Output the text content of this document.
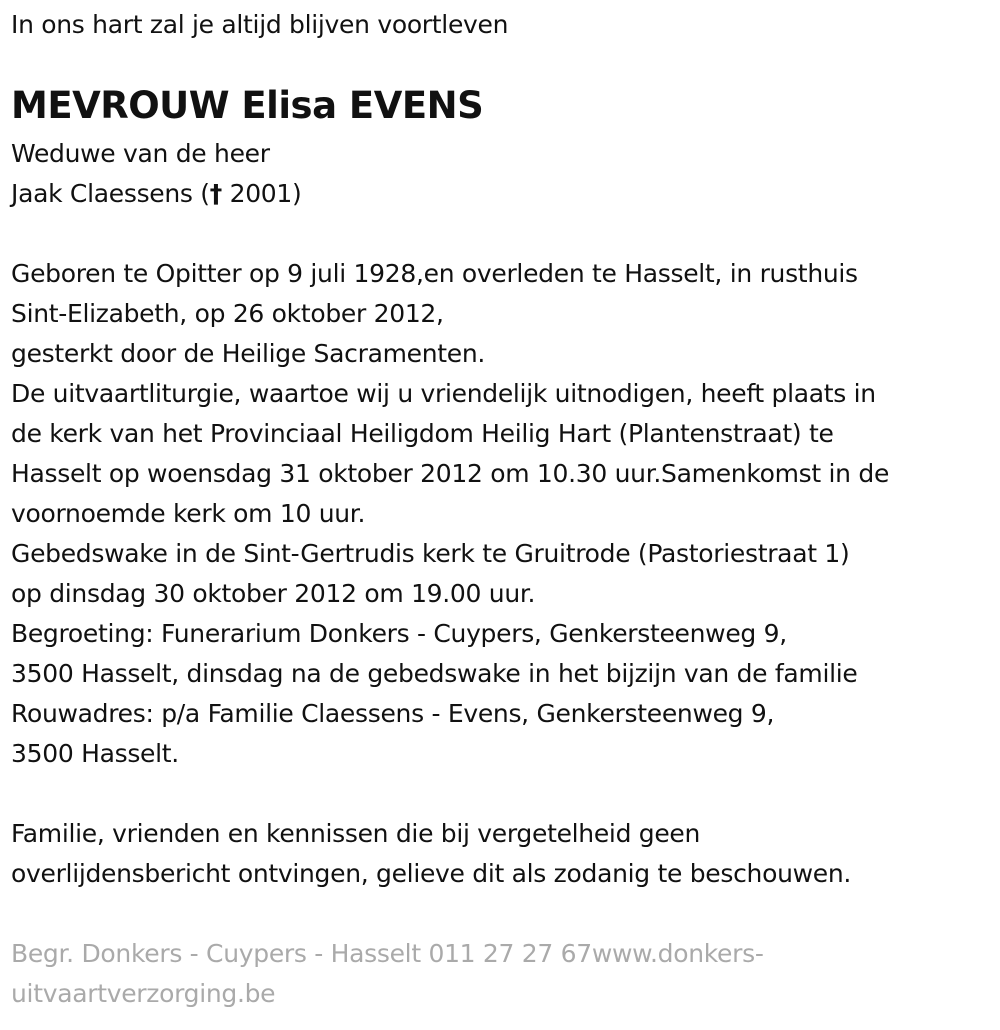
In ons hart zal je altijd blijven voortleven
MEVROUW Elisa EVENS
Weduwe van de heer
Jaak Claessens († 2001)
Geboren te Opitter op 9 juli 1928,en overleden te Hasselt, in rusthuis
Sint-Elizabeth, op 26 oktober 2012,
gesterkt door de Heilige Sacramenten.
De uitvaartliturgie, waartoe wij u vriendelijk uitnodigen, heeft plaats in
de kerk van het Provinciaal Heiligdom Heilig Hart (Plantenstraat) te
Hasselt op woensdag 31 oktober 2012 om 10.30 uur.Samenkomst in de
voornoemde kerk om 10 uur.
Gebedswake in de Sint-Gertrudis kerk te Gruitrode (Pastoriestraat 1)
op dinsdag 30 oktober 2012 om 19.00 uur.
Begroeting: Funerarium Donkers - Cuypers, Genkersteenweg 9,
3500 Hasselt, dinsdag na de gebedswake in het bijzijn van de familie
Rouwadres: p/a Familie Claessens - Evens, Genkersteenweg 9,
3500 Hasselt.
Familie, vrienden en kennissen die bij vergetelheid geen
overlijdensbericht ontvingen, gelieve dit als zodanig te beschouwen.
Begr. Donkers - Cuypers - Hasselt 011 27 27 67www.donkers-
uitvaartverzorging.be
